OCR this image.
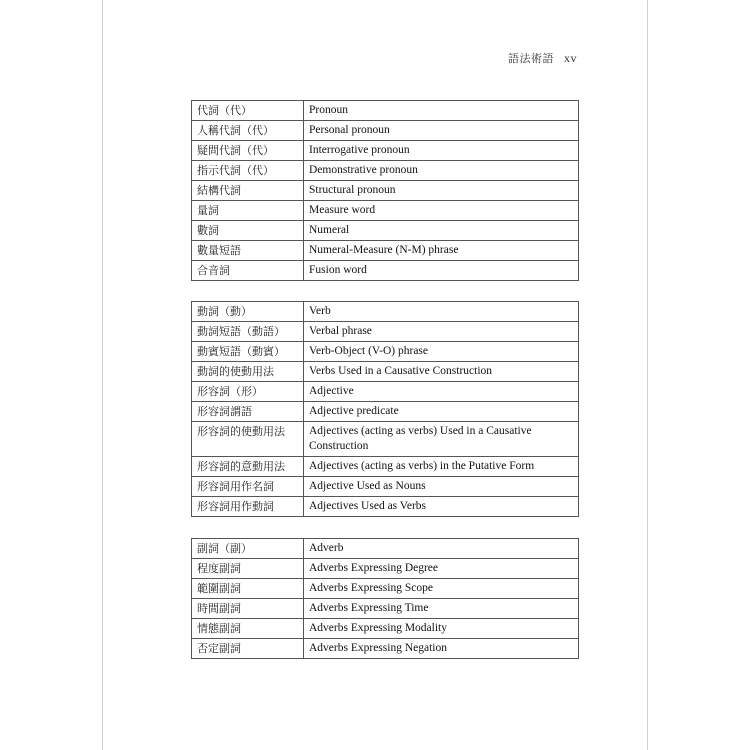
語法術語 xv
代詞（代）	Pronoun
人稱代詞（代）	Personal pronoun
疑問代詞（代）	Interrogative pronoun
指示代詞（代）	Demonstrative pronoun
結構代詞	Structural pronoun
量詞	Measure word
數詞	Numeral
數量短語	Numeral-Measure (N-M) phrase
合音詞	Fusion word
動詞（動）	Verb
動詞短語（動語）	Verbal phrase
動賓短語（動賓）	Verb-Object (V-O) phrase
動詞的使動用法	Verbs Used in a Causative Construction
形容詞（形）	Adjective
形容詞謂語	Adjective predicate
形容詞的使動用法	Adjectives (acting as verbs) Used in a Causative Construction
形容詞的意動用法	Adjectives (acting as verbs) in the Putative Form
形容詞用作名詞	Adjective Used as Nouns
形容詞用作動詞	Adjectives Used as Verbs
副詞（副）	Adverb
程度副詞	Adverbs Expressing Degree
範圍副詞	Adverbs Expressing Scope
時間副詞	Adverbs Expressing Time
情態副詞	Adverbs Expressing Modality
否定副詞	Adverbs Expressing Negation
